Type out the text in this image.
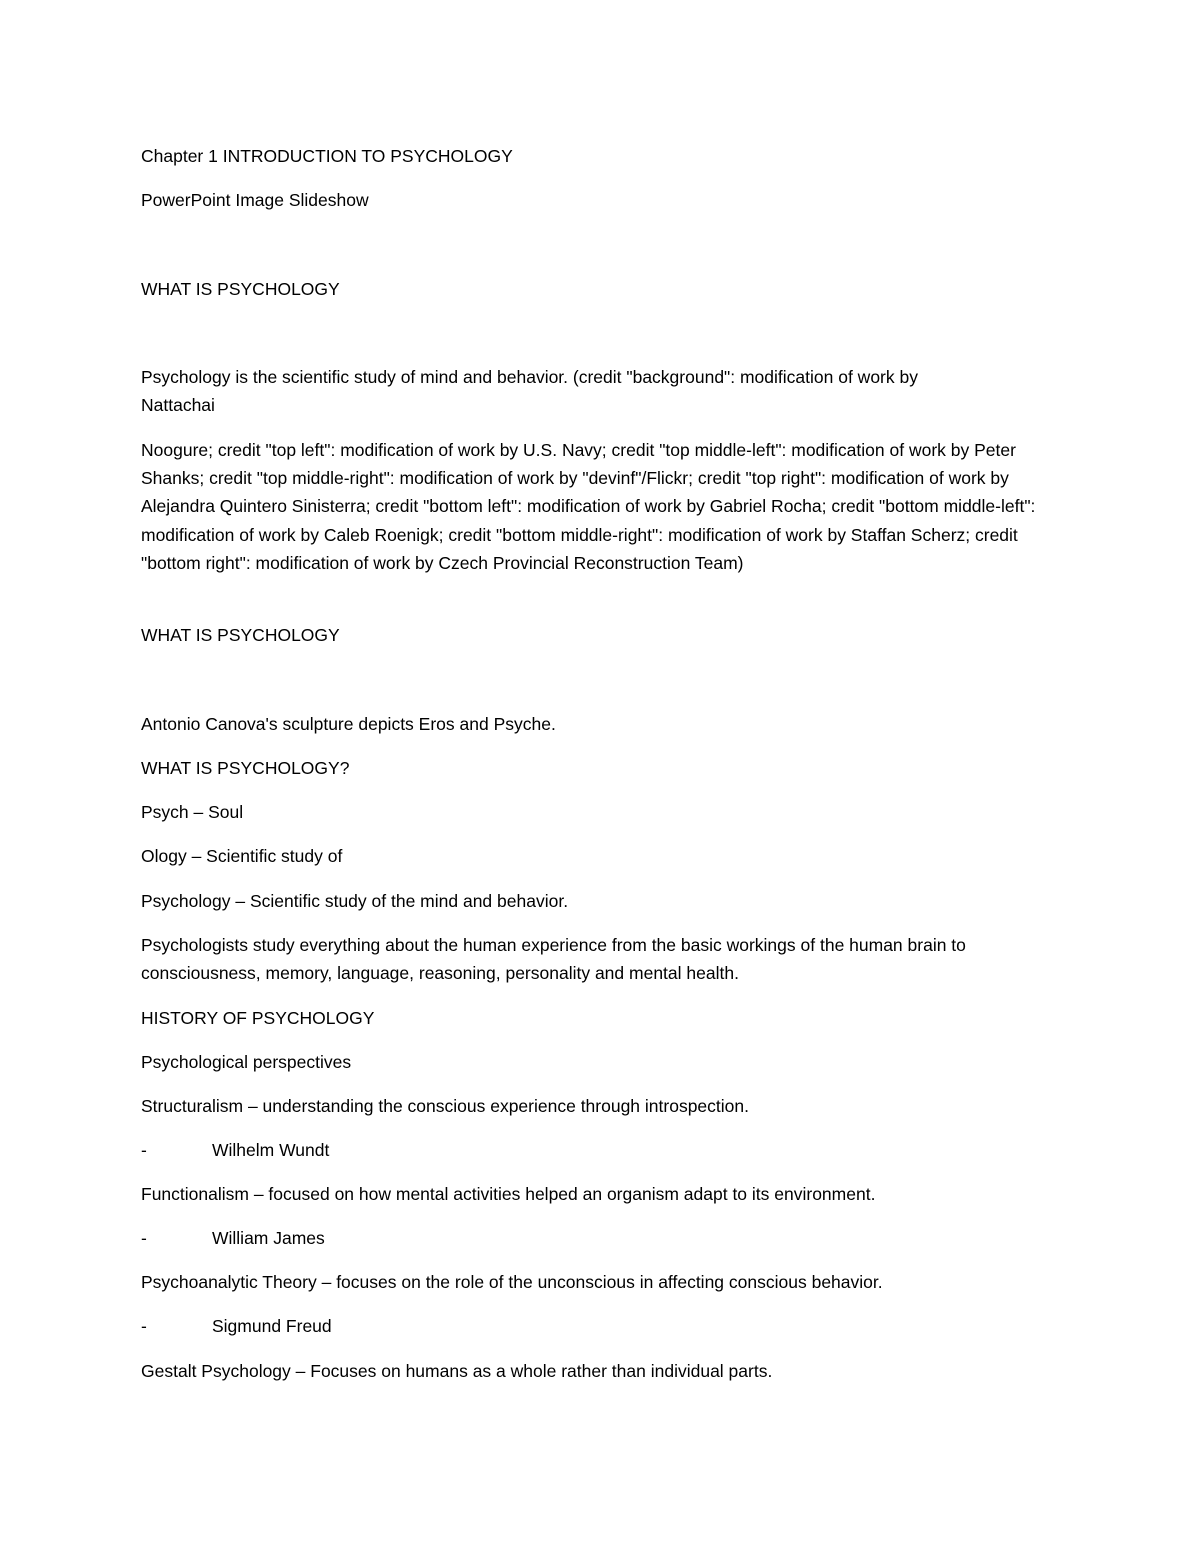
Chapter 1 INTRODUCTION TO PSYCHOLOGY
PowerPoint Image Slideshow
WHAT IS PSYCHOLOGY
Psychology is the scientific study of mind and behavior. (credit "background": modification of work by
Nattachai
Noogure; credit "top left": modification of work by U.S. Navy; credit "top middle-left": modification of work by Peter Shanks; credit "top middle-right": modification of work by "devinf"/Flickr; credit "top right": modification of work by Alejandra Quintero Sinisterra; credit "bottom left": modification of work by Gabriel Rocha; credit "bottom middle-left": modification of work by Caleb Roenigk; credit "bottom middle-right": modification of work by Staffan Scherz; credit "bottom right": modification of work by Czech Provincial Reconstruction Team)
WHAT IS PSYCHOLOGY
Antonio Canova's sculpture depicts Eros and Psyche.
WHAT IS PSYCHOLOGY?
Psych – Soul
Ology – Scientific study of
Psychology – Scientific study of the mind and behavior.
Psychologists study everything about the human experience from the basic workings of the human brain to consciousness, memory, language, reasoning, personality and mental health.
HISTORY OF PSYCHOLOGY
Psychological perspectives
Structuralism – understanding the conscious experience through introspection.
-	Wilhelm Wundt
Functionalism – focused on how mental activities helped an organism adapt to its environment.
-	William James
Psychoanalytic Theory – focuses on the role of the unconscious in affecting conscious behavior.
-	Sigmund Freud
Gestalt Psychology – Focuses on humans as a whole rather than individual parts.
